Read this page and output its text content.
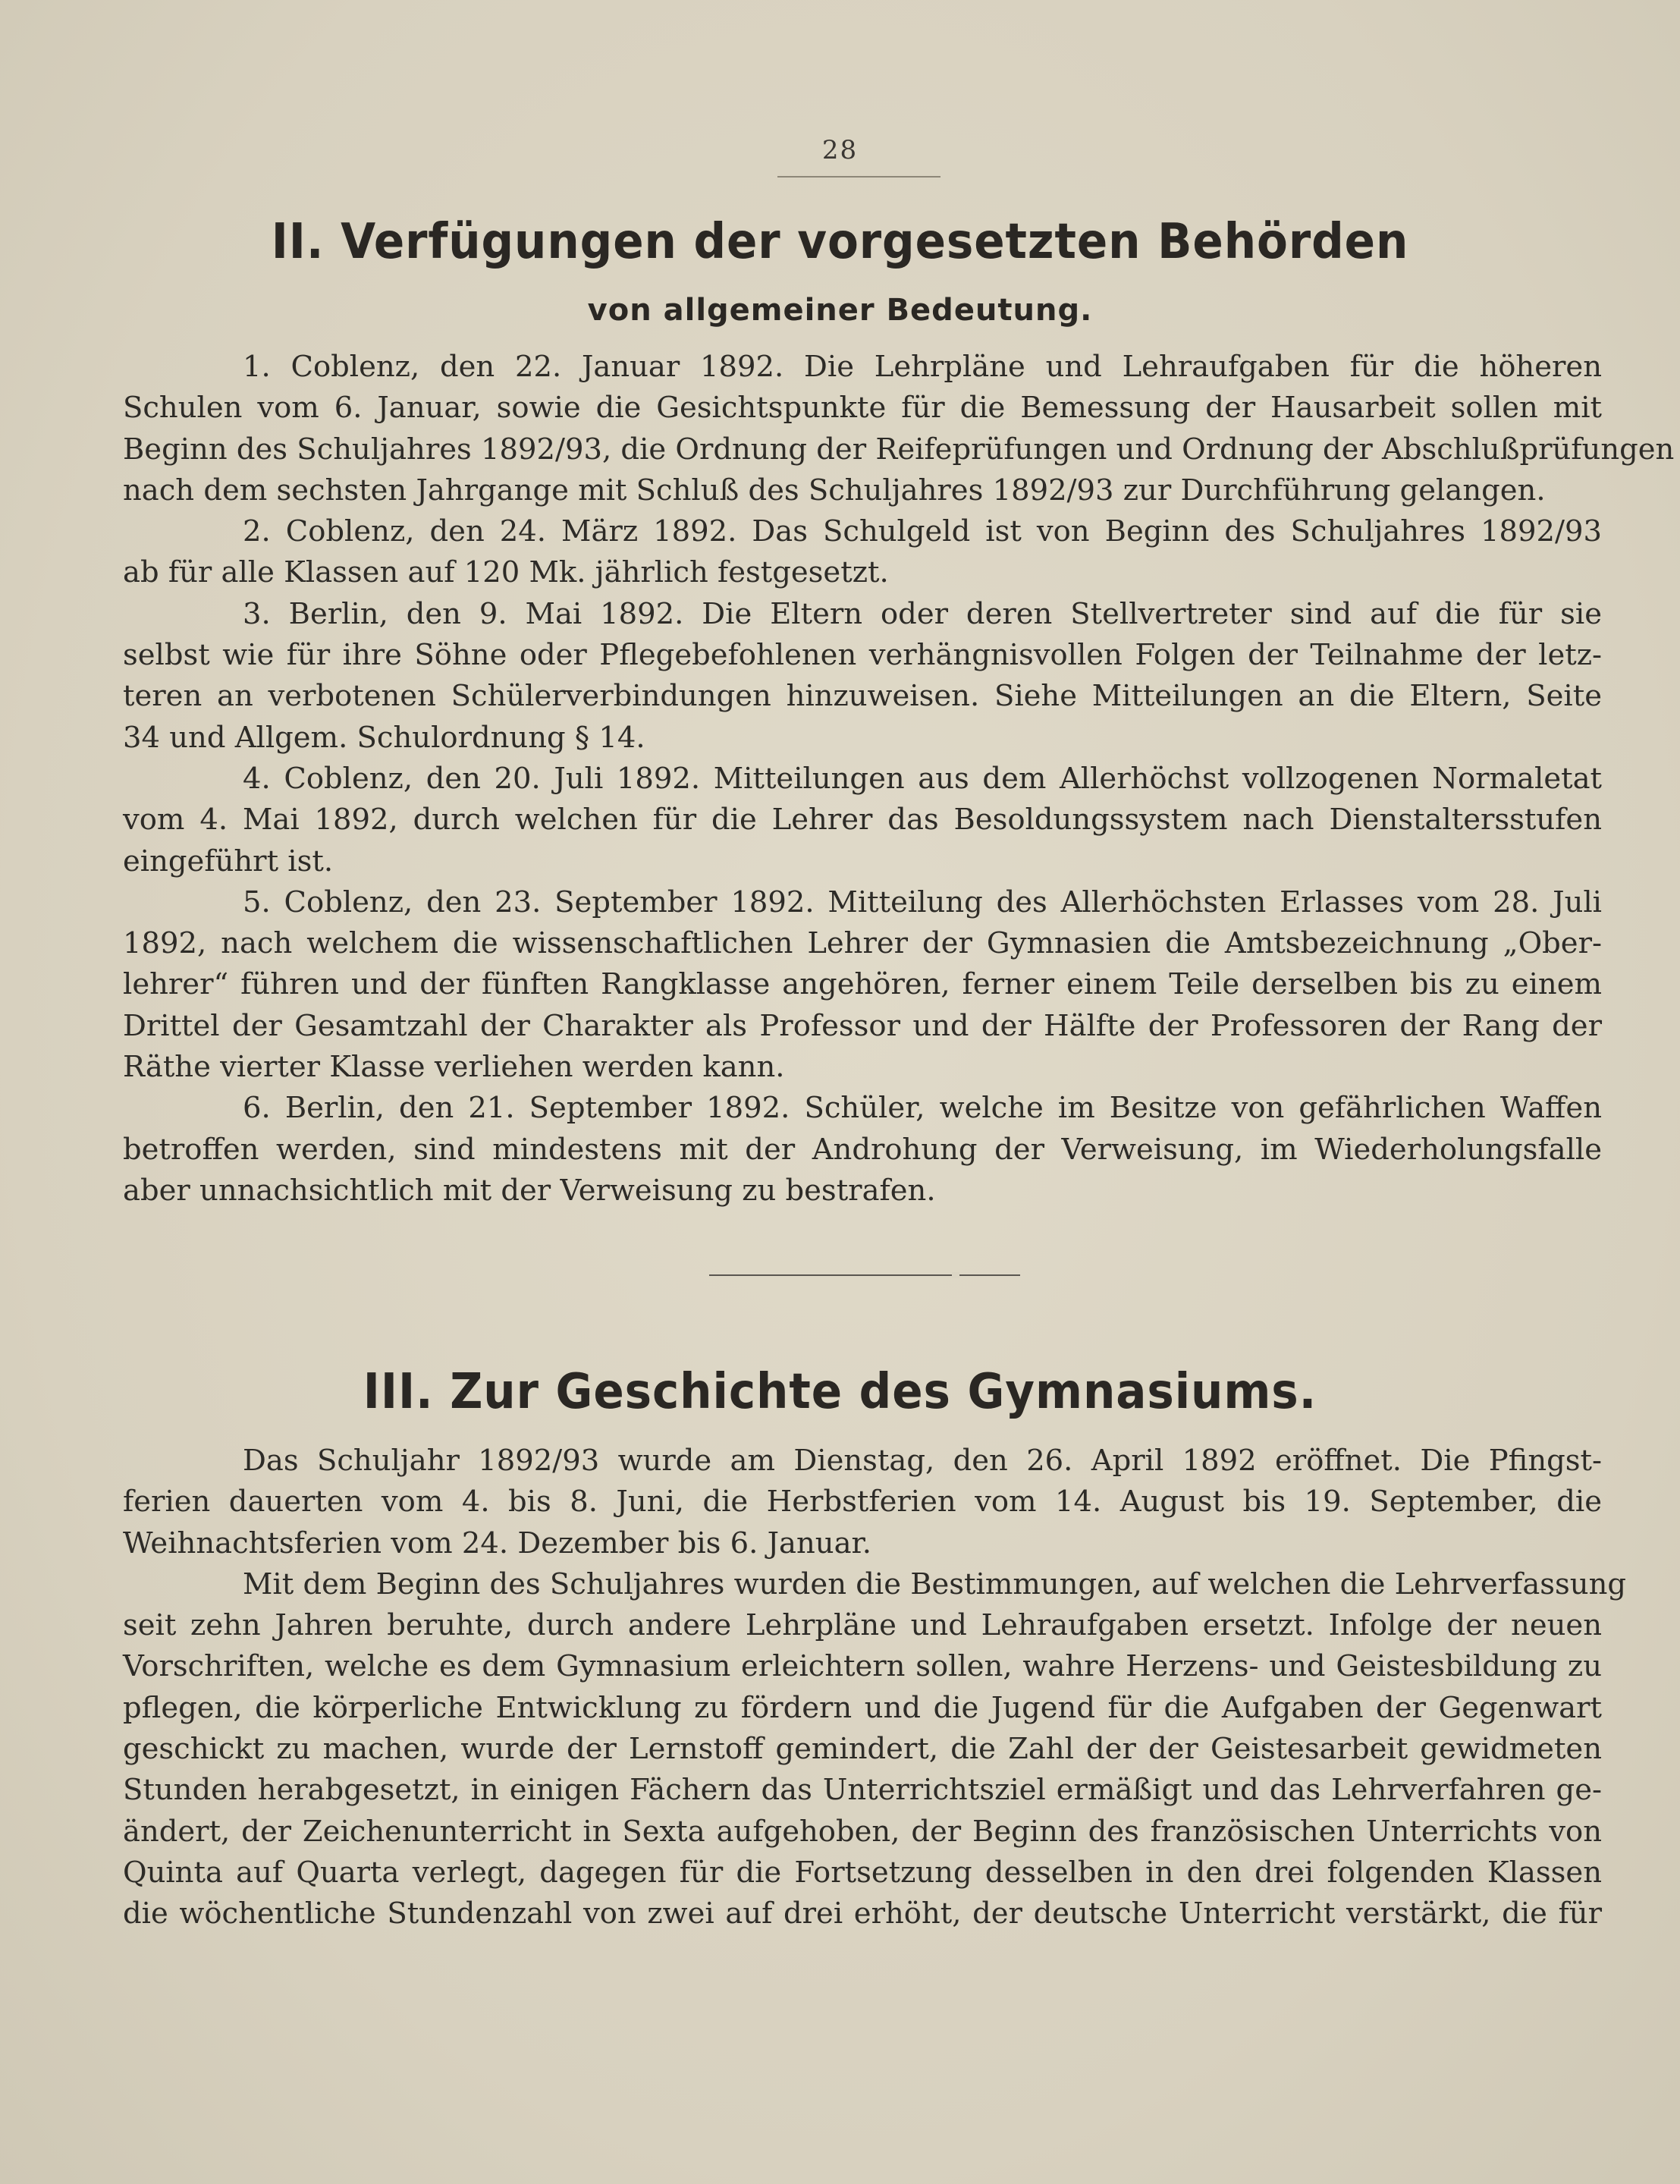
28
II. Verfügungen der vorgesetzten Behörden
von allgemeiner Bedeutung.
1. Coblenz, den 22. Januar 1892. Die Lehrpläne und Lehraufgaben für die höheren
Schulen vom 6. Januar, sowie die Gesichtspunkte für die Bemessung der Hausarbeit sollen mit
Beginn des Schuljahres 1892/93, die Ordnung der Reifeprüfungen und Ordnung der Abschlußprüfungen
nach dem sechsten Jahrgange mit Schluß des Schuljahres 1892/93 zur Durchführung gelangen.
2. Coblenz, den 24. März 1892. Das Schulgeld ist von Beginn des Schuljahres 1892/93
ab für alle Klassen auf 120 Mk. jährlich festgesetzt.
3. Berlin, den 9. Mai 1892. Die Eltern oder deren Stellvertreter sind auf die für sie
selbst wie für ihre Söhne oder Pflegebefohlenen verhängnisvollen Folgen der Teilnahme der letz-
teren an verbotenen Schülerverbindungen hinzuweisen. Siehe Mitteilungen an die Eltern, Seite
34 und Allgem. Schulordnung § 14.
4. Coblenz, den 20. Juli 1892. Mitteilungen aus dem Allerhöchst vollzogenen Normaletat
vom 4. Mai 1892, durch welchen für die Lehrer das Besoldungssystem nach Dienstaltersstufen
eingeführt ist.
5. Coblenz, den 23. September 1892. Mitteilung des Allerhöchsten Erlasses vom 28. Juli
1892, nach welchem die wissenschaftlichen Lehrer der Gymnasien die Amtsbezeichnung „Ober-
lehrer“ führen und der fünften Rangklasse angehören, ferner einem Teile derselben bis zu einem
Drittel der Gesamtzahl der Charakter als Professor und der Hälfte der Professoren der Rang der
Räthe vierter Klasse verliehen werden kann.
6. Berlin, den 21. September 1892. Schüler, welche im Besitze von gefährlichen Waffen
betroffen werden, sind mindestens mit der Androhung der Verweisung, im Wiederholungsfalle
aber unnachsichtlich mit der Verweisung zu bestrafen.
III. Zur Geschichte des Gymnasiums.
Das Schuljahr 1892/93 wurde am Dienstag, den 26. April 1892 eröffnet. Die Pfingst-
ferien dauerten vom 4. bis 8. Juni, die Herbstferien vom 14. August bis 19. September, die
Weihnachtsferien vom 24. Dezember bis 6. Januar.
Mit dem Beginn des Schuljahres wurden die Bestimmungen, auf welchen die Lehrverfassung
seit zehn Jahren beruhte, durch andere Lehrpläne und Lehraufgaben ersetzt. Infolge der neuen
Vorschriften, welche es dem Gymnasium erleichtern sollen, wahre Herzens- und Geistesbildung zu
pflegen, die körperliche Entwicklung zu fördern und die Jugend für die Aufgaben der Gegenwart
geschickt zu machen, wurde der Lernstoff gemindert, die Zahl der der Geistesarbeit gewidmeten
Stunden herabgesetzt, in einigen Fächern das Unterrichtsziel ermäßigt und das Lehrverfahren ge-
ändert, der Zeichenunterricht in Sexta aufgehoben, der Beginn des französischen Unterrichts von
Quinta auf Quarta verlegt, dagegen für die Fortsetzung desselben in den drei folgenden Klassen
die wöchentliche Stundenzahl von zwei auf drei erhöht, der deutsche Unterricht verstärkt, die für
